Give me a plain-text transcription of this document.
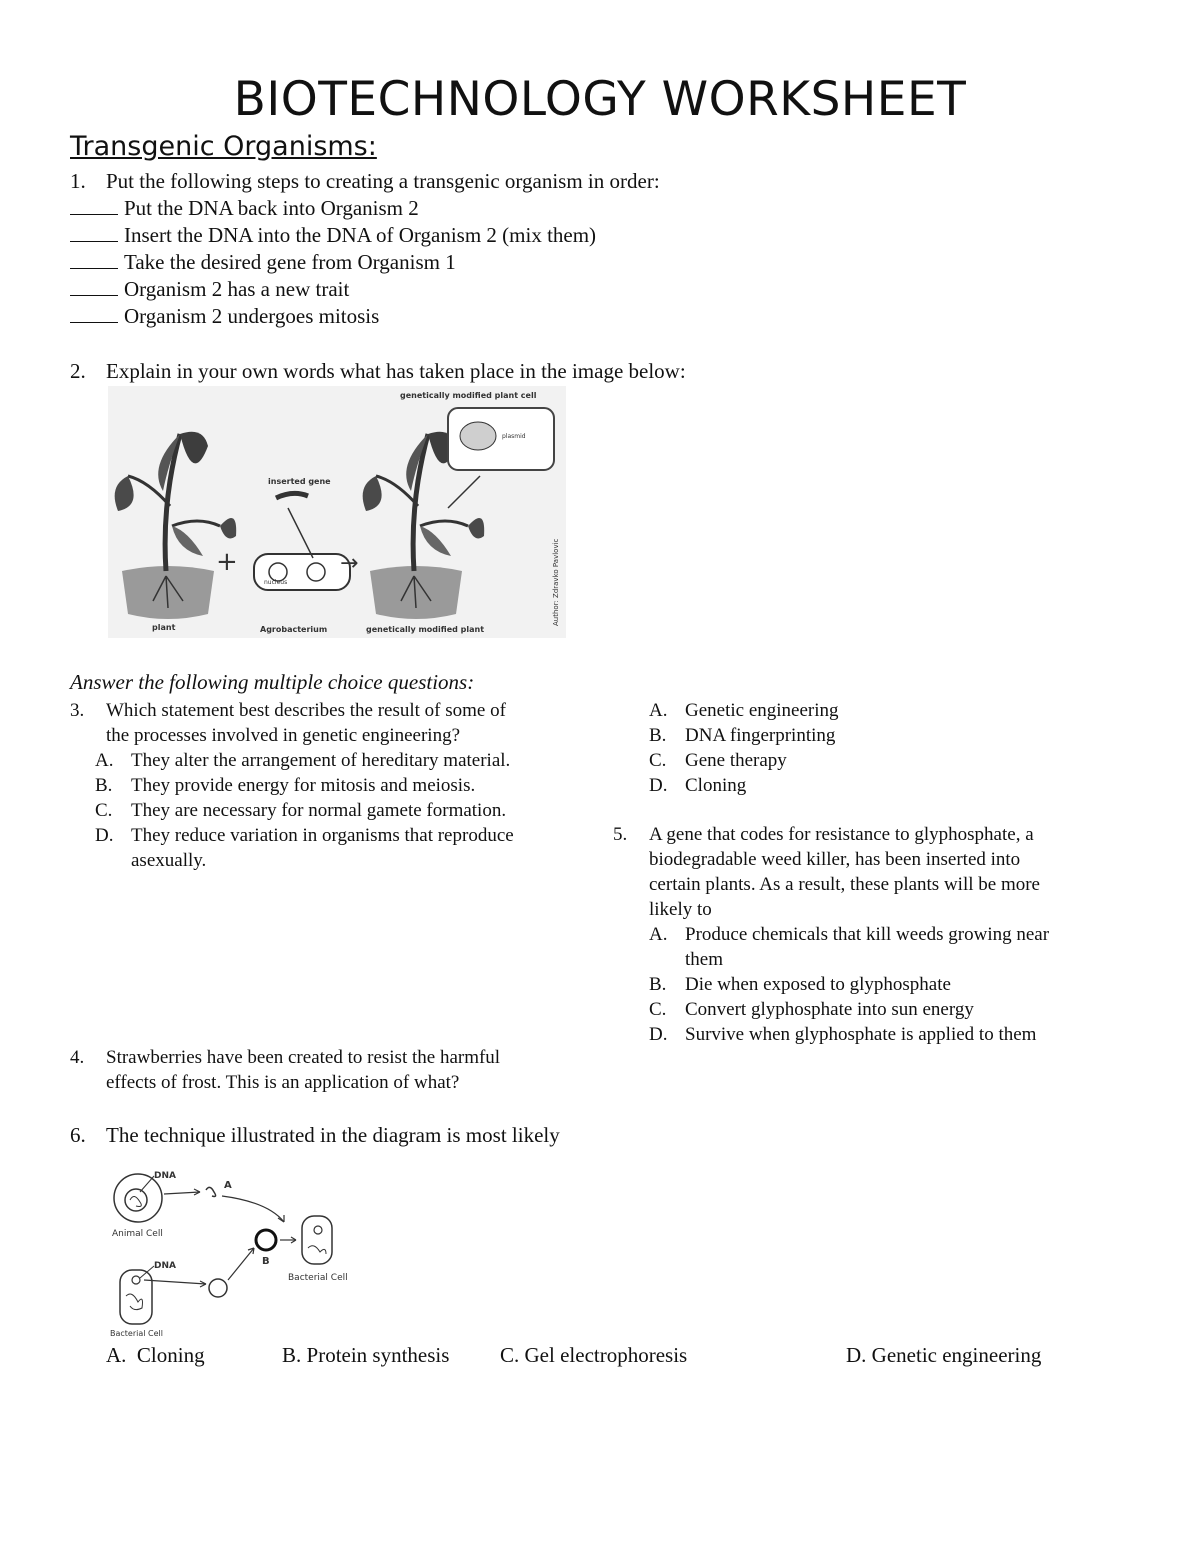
BIOTECHNOLOGY WORKSHEET
Transgenic Organisms:
1. Put the following steps to creating a transgenic organism in order:
Put the DNA back into Organism 2
Insert the DNA into the DNA of Organism 2 (mix them)
Take the desired gene from Organism 1
Organism 2 has a new trait
Organism 2 undergoes mitosis
2. Explain in your own words what has taken place in the image below:
+
nucleus
inserted gene
→
plasmid
genetically modified plant cell
plant	Agrobacterium	genetically modified plant
Author: Zdravko Pavlovic
Answer the following multiple choice questions:
3. Which statement best describes the result of some of
the processes involved in genetic engineering?
A. They alter the arrangement of hereditary material.
B. They provide energy for mitosis and meiosis.
C. They are necessary for normal gamete formation.
D. They reduce variation in organisms that reproduce
asexually.
A. Genetic engineering
B. DNA fingerprinting
C. Gene therapy
D. Cloning
5. A gene that codes for resistance to glyphosphate, a
biodegradable weed killer, has been inserted into
certain plants. As a result, these plants will be more
likely to
A. Produce chemicals that kill weeds growing near
them
B. Die when exposed to glyphosphate
C. Convert glyphosphate into sun energy
D. Survive when glyphosphate is applied to them
4. Strawberries have been created to resist the harmful
effects of frost. This is an application of what?
6. The technique illustrated in the diagram is most likely
DNA
Animal Cell
A
B
Bacterial Cell
DNA
Bacterial Cell
A. Cloning	B. Protein synthesis C. Gel electrophoresis	D. Genetic engineering
